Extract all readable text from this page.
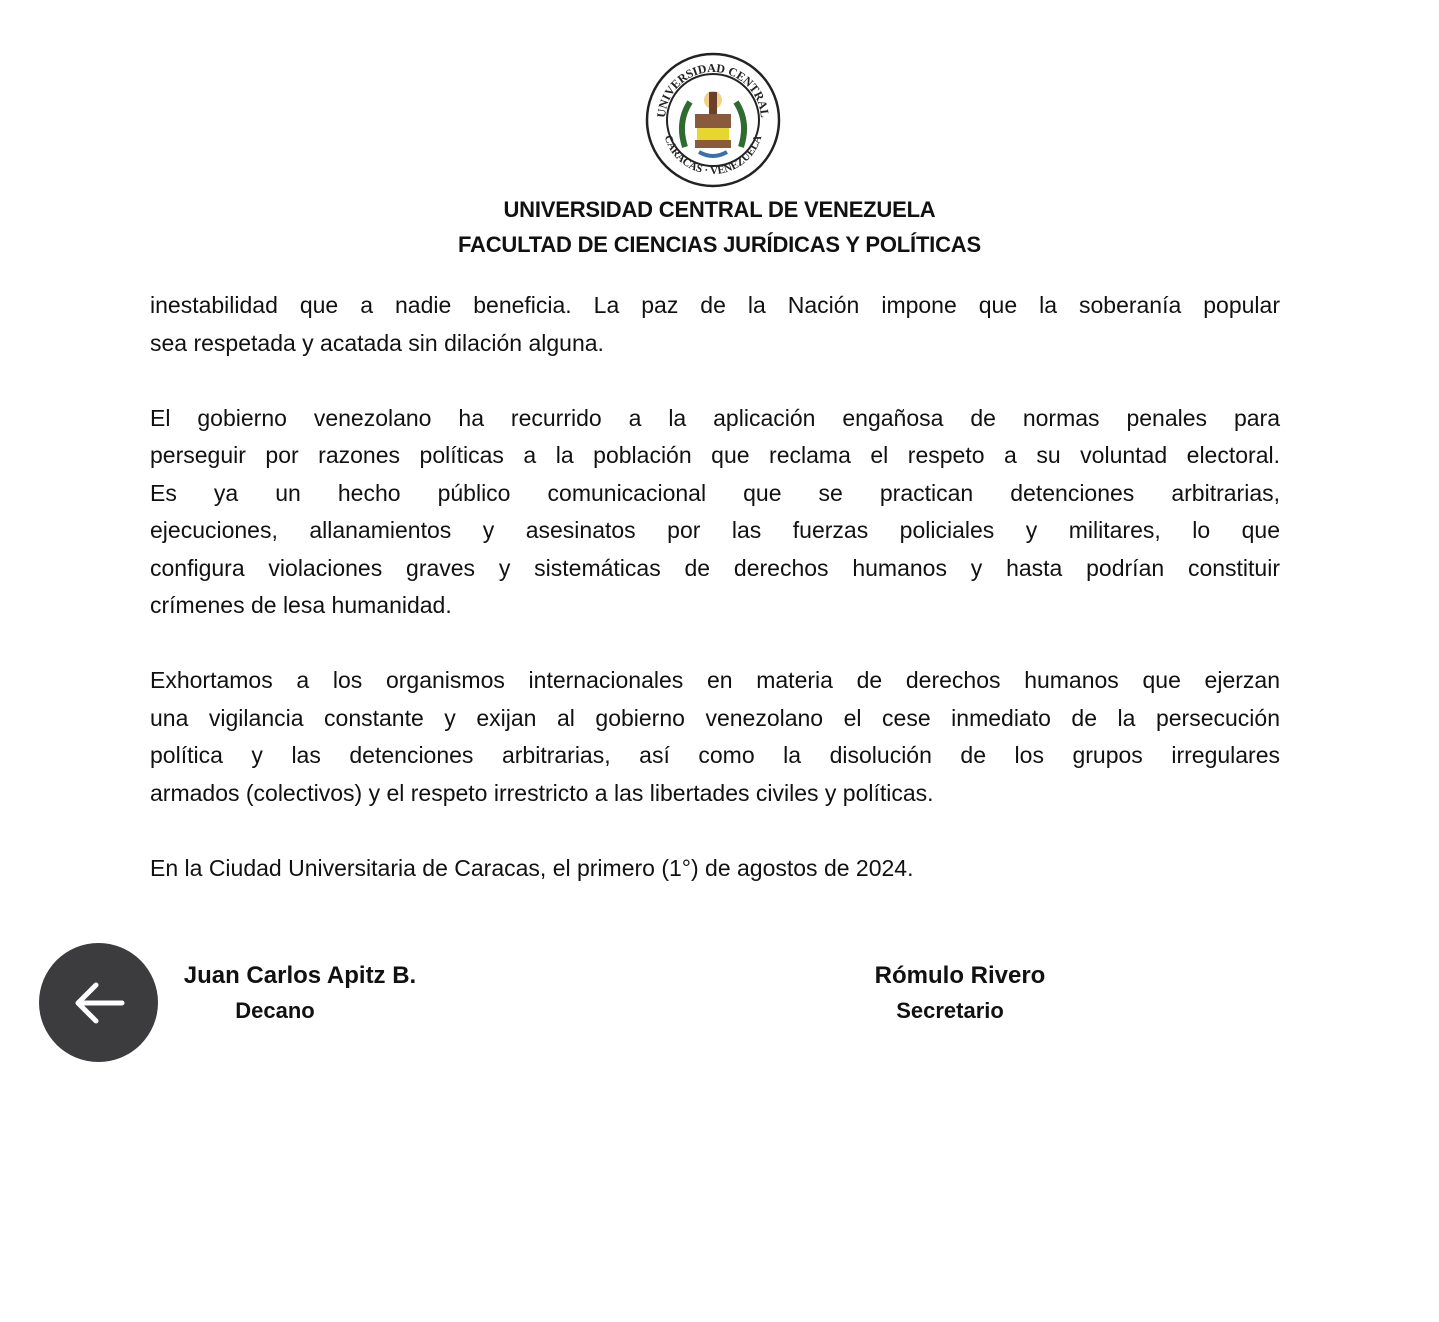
UNIVERSIDAD CENTRAL
CARACAS · VENEZUELA
UNIVERSIDAD CENTRAL DE VENEZUELA
FACULTAD DE CIENCIAS JURÍDICAS Y POLÍTICAS
inestabilidad que a nadie beneficia. La paz de la Nación impone que la soberanía popular
sea respetada y acatada sin dilación alguna.
El gobierno venezolano ha recurrido a la aplicación engañosa de normas penales para
perseguir por razones políticas a la población que reclama el respeto a su voluntad electoral.
Es ya un hecho público comunicacional que se practican detenciones arbitrarias,
ejecuciones, allanamientos y asesinatos por las fuerzas policiales y militares, lo que
configura violaciones graves y sistemáticas de derechos humanos y hasta podrían constituir
crímenes de lesa humanidad.
Exhortamos a los organismos internacionales en materia de derechos humanos que ejerzan
una vigilancia constante y exijan al gobierno venezolano el cese inmediato de la persecución
política y las detenciones arbitrarias, así como la disolución de los grupos irregulares
armados (colectivos) y el respeto irrestricto a las libertades civiles y políticas.
En la Ciudad Universitaria de Caracas, el primero (1°) de agostos de 2024.
Juan Carlos Apitz B.
Decano
Rómulo Rivero
Secretario
